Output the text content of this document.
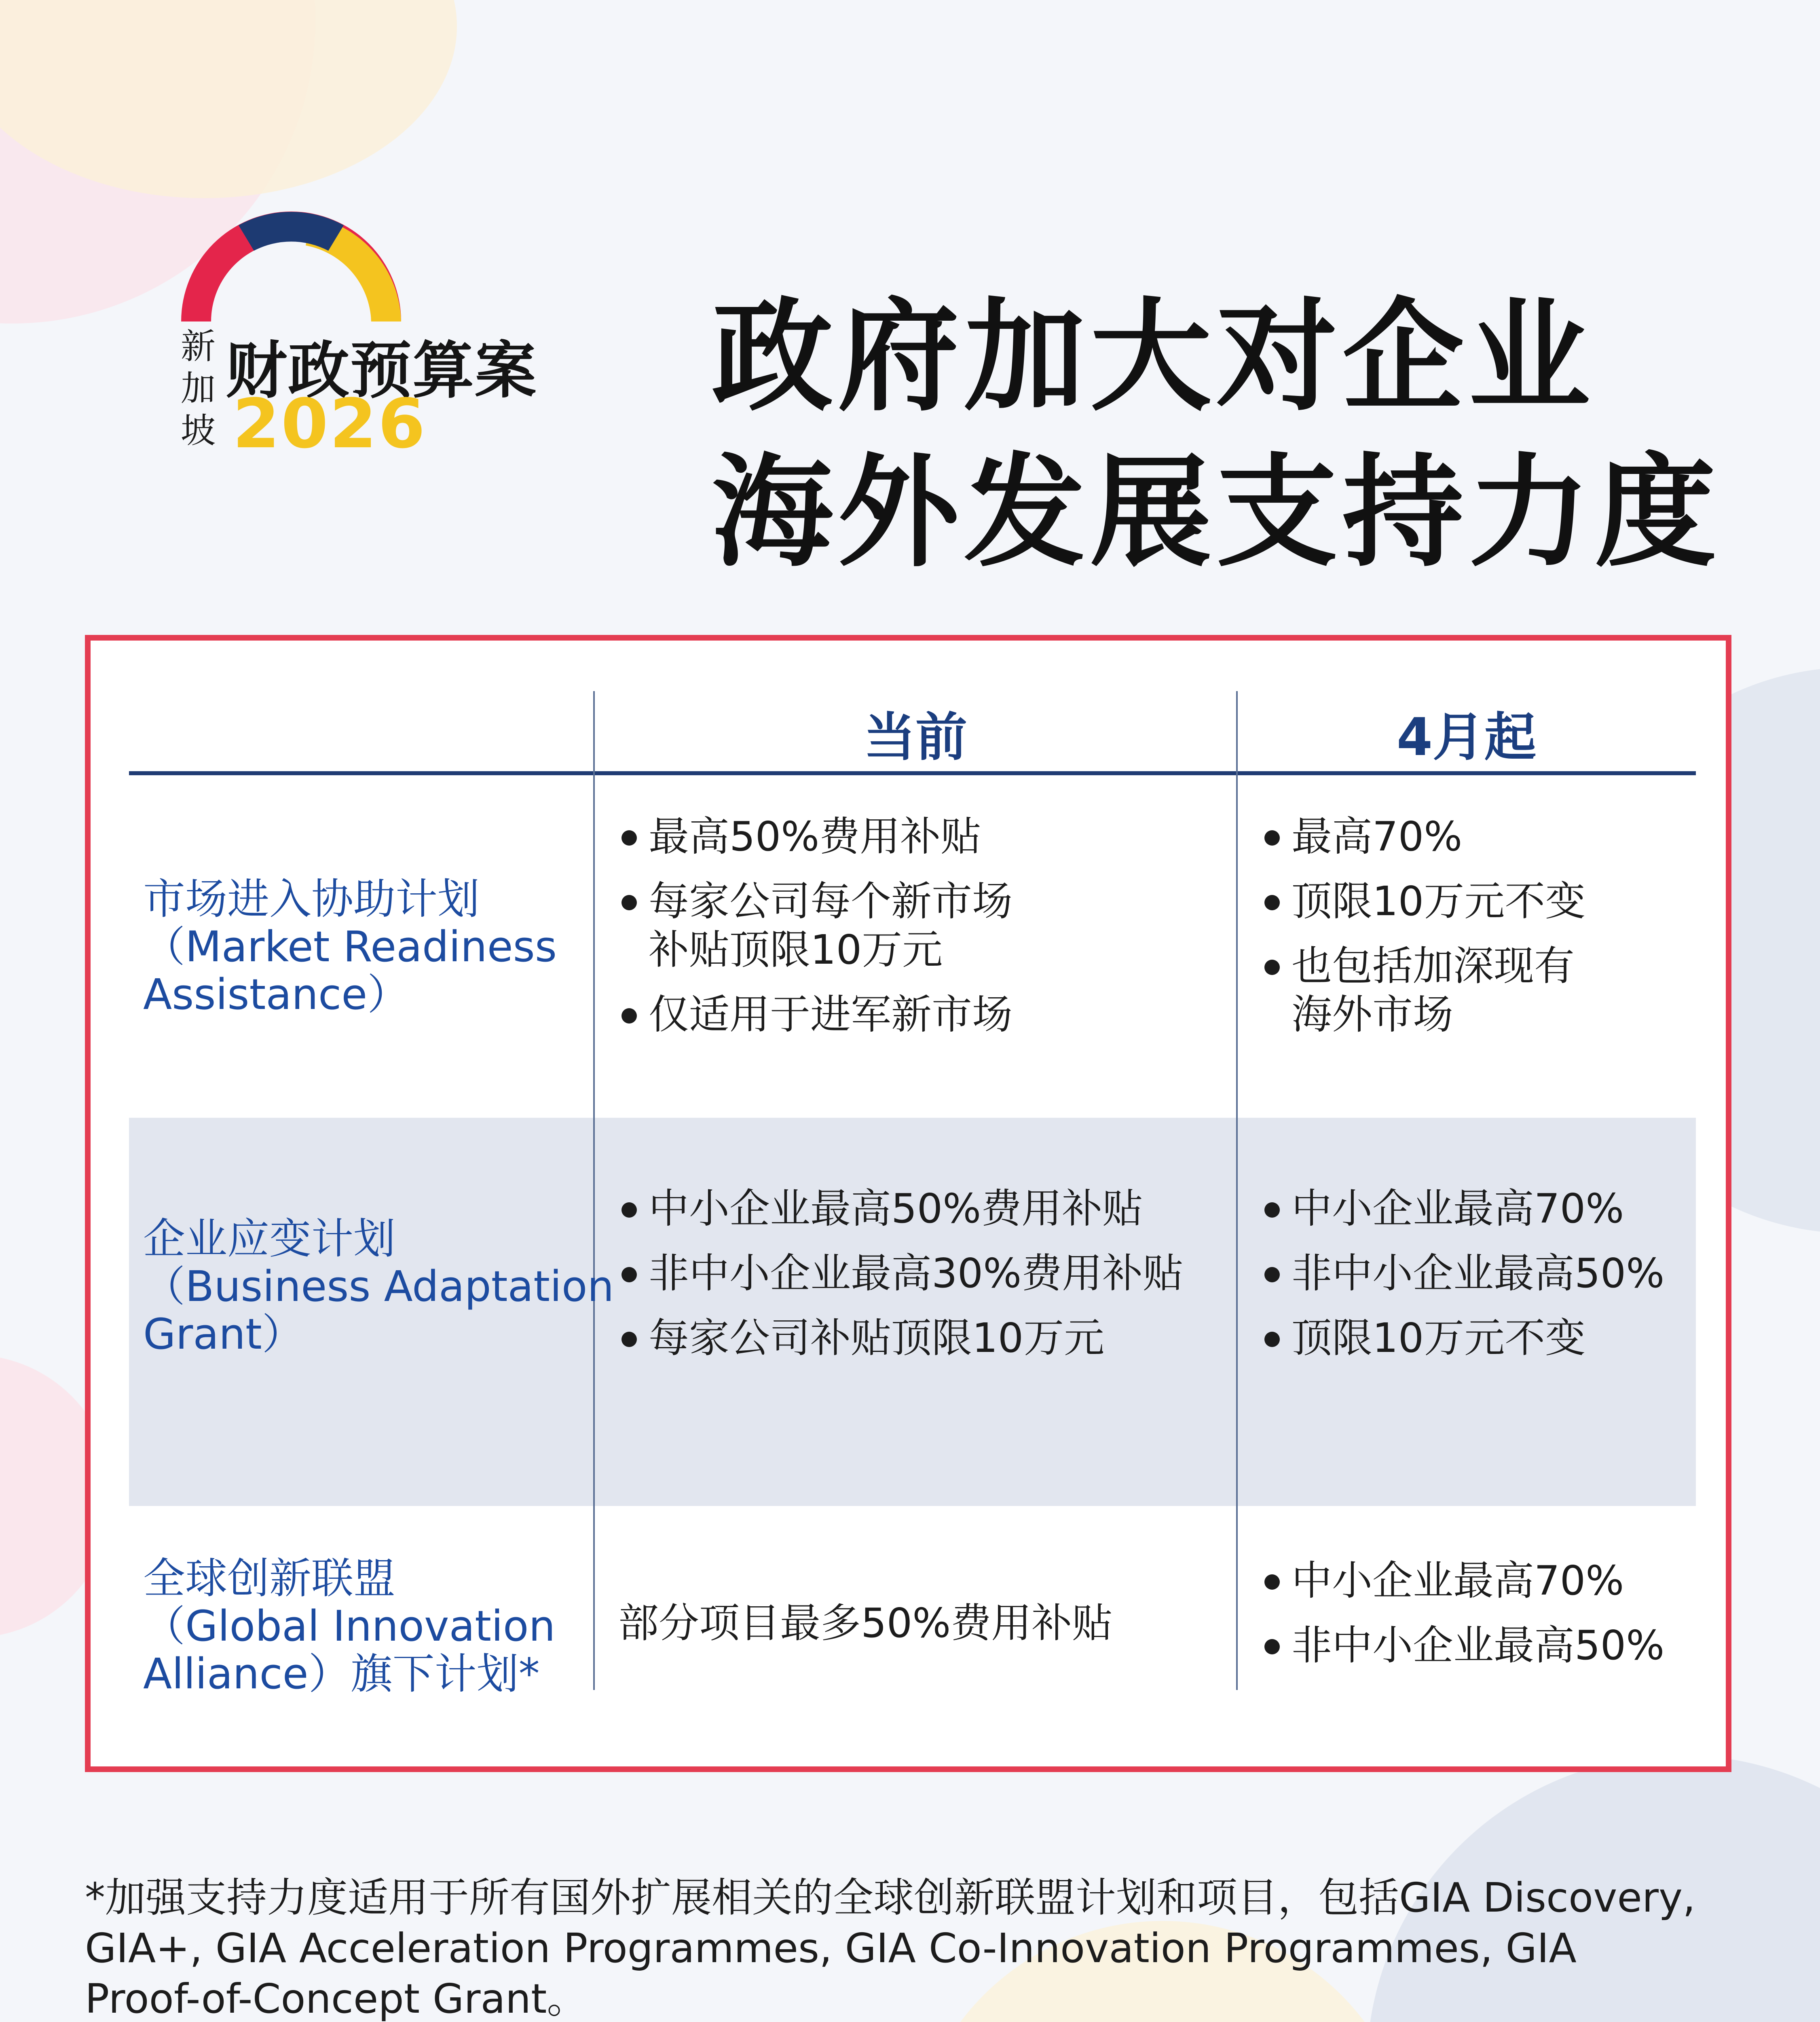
新
加
坡
财政预算案
2026 政府加大对企业
海外发展支持力度
当前	4月起
市场进入协助计划
（Market Readiness
Assistance）
最高50%费用补贴
每家公司每个新市场
补贴顶限10万元
仅适用于进军新市场
最高70%
顶限10万元不变
也包括加深现有
海外市场
企业应变计划
（Business Adaptation
Grant）
中小企业最高50%费用补贴
非中小企业最高30%费用补贴
每家公司补贴顶限10万元
中小企业最高70%
非中小企业最高50%
顶限10万元不变
全球创新联盟
（Global Innovation
Alliance）旗下计划*
部分项目最多50%费用补贴
中小企业最高70%
非中小企业最高50%
*加强支持力度适用于所有国外扩展相关的全球创新联盟计划和项目，包括GIA Discovery,
GIA+, GIA Acceleration Programmes, GIA Co-Innovation Programmes, GIA
Proof-of-Concept Grant。
